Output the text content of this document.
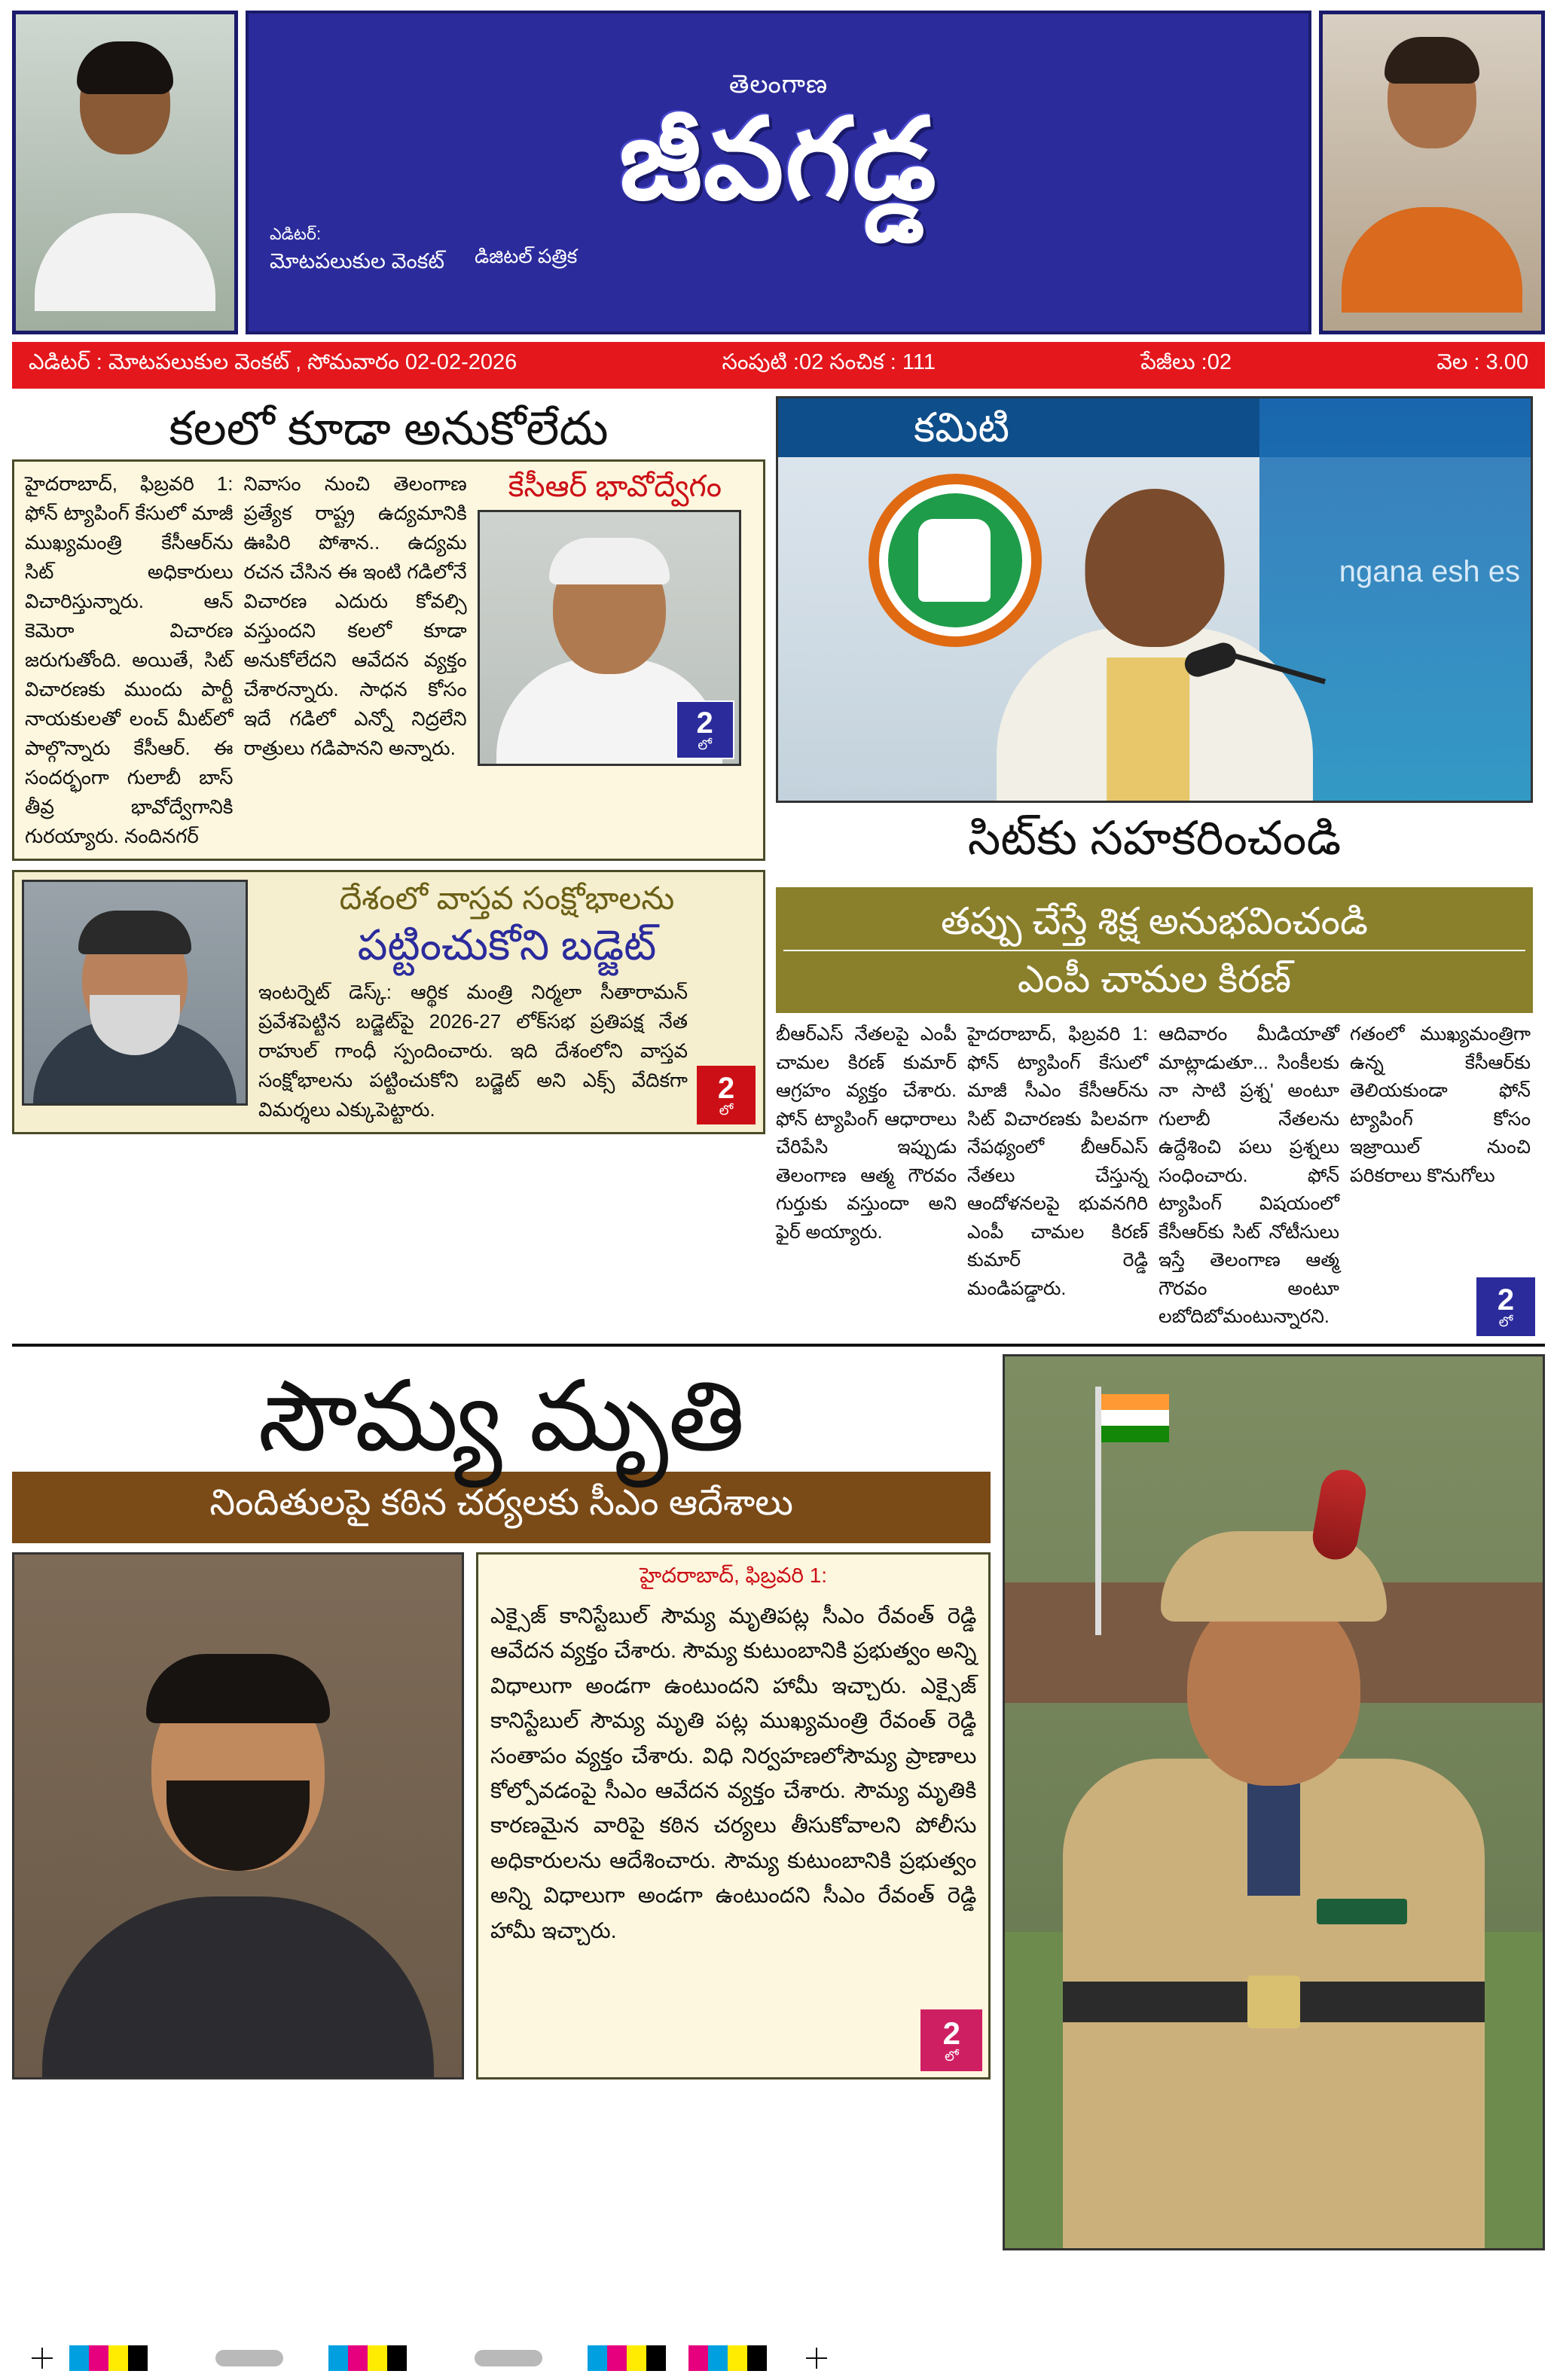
తెలంగాణ
జీవగడ్డ
ఎడిటర్:
మోటపలుకుల వెంకట్ డిజిటల్ పత్రిక
ఎడిటర్ : మోటపలుకుల వెంకట్ , సోమవారం 02-02-2026	సంపుటి :02 సంచిక : 111	పేజీలు :02	వెల : 3.00
కలలో కూడా అనుకోలేదు
హైదరాబాద్, ఫిబ్రవరి 1: ఫోన్ ట్యాపింగ్ కేసులో మాజీ ముఖ్యమంత్రి కేసీఆర్‌ను సిట్ అధికారులు విచారిస్తున్నారు. ఆన్ కెమెరా విచారణ జరుగుతోంది. అయితే, సిట్ విచారణకు ముందు పార్టీ నాయకులతో లంచ్ మీట్‌లో పాల్గొన్నారు కేసీఆర్. ఈ సందర్భంగా గులాబీ బాస్ తీవ్ర భావోద్వేగానికి గురయ్యారు. నందినగర్
నివాసం నుంచి తెలంగాణ ప్రత్యేక రాష్ట్ర ఉద్యమానికి ఊపిరి పోశాన.. ఉద్యమ రచన చేసిన ఈ ఇంటి గడిలోనే విచారణ ఎదురు కోవల్సి వస్తుందని కలలో కూడా అనుకోలేదని ఆవేదన వ్యక్తం చేశారన్నారు. సాధన కోసం ఇదే గడిలో ఎన్నో నిద్రలేని రాత్రులు గడిపానని అన్నారు.
కేసీఆర్ భావోద్వేగం
2
లో
దేశంలో వాస్తవ సంక్షోభాలను
పట్టించుకోని బడ్జెట్
ఇంటర్నెట్ డెస్క్: ఆర్థిక మంత్రి నిర్మలా సీతారామన్ ప్రవేశపెట్టిన బడ్జెట్‌పై 2026-27 లోక్‌సభ ప్రతిపక్ష నేత రాహుల్ గాంధీ స్పందించారు. ఇది దేశంలోని వాస్తవ సంక్షోభాలను పట్టించుకోని బడ్జెట్ అని ఎక్స్ వేదికగా విమర్శలు ఎక్కుపెట్టారు.
2
లో
కమిటి
ngana esh es
సిట్‌కు సహకరించండి
తప్పు చేస్తే శిక్ష అనుభవించండి
ఎంపీ చామల కిరణ్
బీఆర్ఎస్ నేతలపై ఎంపీ చామల కిరణ్ కుమార్ ఆగ్రహం వ్యక్తం చేశారు. ఫోన్ ట్యాపింగ్ ఆధారాలు చేరిపేసి ఇప్పుడు తెలంగాణ ఆత్మ గౌరవం గుర్తుకు వస్తుందా అని ఫైర్ అయ్యారు.
హైదరాబాద్, ఫిబ్రవరి 1: ఫోన్ ట్యాపింగ్ కేసులో మాజీ సీఎం కేసీఆర్‌ను సిట్ విచారణకు పిలవగా నేపథ్యంలో బీఆర్ఎస్ నేతలు చేస్తున్న ఆందోళనలపై భువనగిరి ఎంపీ చామల కిరణ్ కుమార్ రెడ్డి మండిపడ్డారు.
ఆదివారం మీడియాతో మాట్లాడుతూ... సింకీలకు నా సాటి ప్రశ్న' అంటూ గులాబీ నేతలను ఉద్దేశించి పలు ప్రశ్నలు సంధించారు. ఫోన్ ట్యాపింగ్ విషయంలో కేసీఆర్‌కు సిట్ నోటీసులు ఇస్తే తెలంగాణ ఆత్మ గౌరవం అంటూ లబోదిబో‌మంటున్నారని.
గతంలో ముఖ్యమంత్రిగా ఉన్న కేసీఆర్‌కు తెలియకుండా ఫోన్ ట్యాపింగ్ కోసం ఇజ్రాయిల్ నుంచి పరికరాలు కొనుగోలు
2
లో
సౌమ్య మృతి
నిందితులపై కఠిన చర్యలకు సీఎం ఆదేశాలు
హైదరాబాద్, ఫిబ్రవరి 1:

ఎక్సైజ్ కానిస్టేబుల్ సౌమ్య మృతిపట్ల సీఎం రేవంత్ రెడ్డి ఆవేదన వ్యక్తం చేశారు. సౌమ్య కుటుంబానికి ప్రభుత్వం అన్ని విధాలుగా అండగా ఉంటుందని హామీ ఇచ్చారు. ఎక్సైజ్ కానిస్టేబుల్ సౌమ్య మృతి పట్ల ముఖ్యమంత్రి రేవంత్ రెడ్డి సంతాపం వ్యక్తం చేశారు. విధి నిర్వహణలోసౌమ్య ప్రాణాలు కోల్పోవడంపై సీఎం ఆవేదన వ్యక్తం చేశారు. సౌమ్య మృతికి కారణమైన వారిపై కఠిన చర్యలు తీసుకోవాలని పోలీసు అధికారులను ఆదేశించారు. సౌమ్య కుటుంబానికి ప్రభుత్వం అన్ని విధాలుగా అండగా ఉంటుందని సీఎం రేవంత్ రెడ్డి హామీ ఇచ్చారు.

2
లో
